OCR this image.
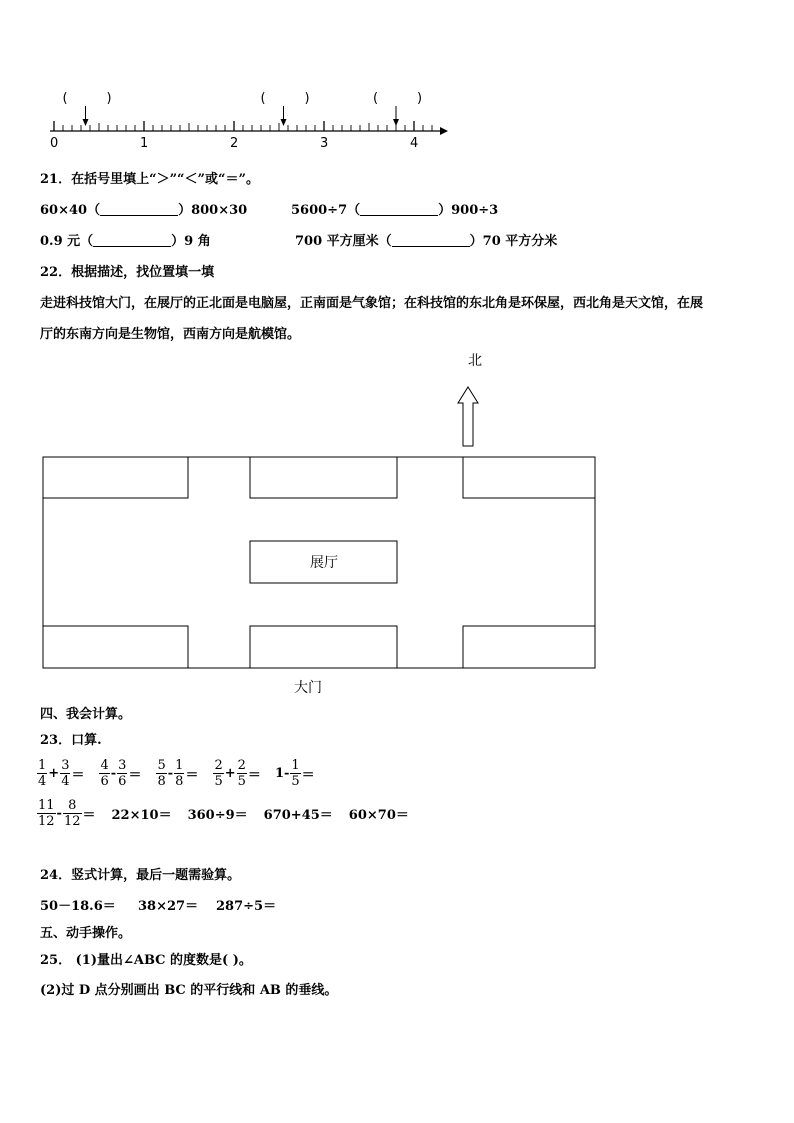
0	1	2	3	4
(	)	(	)	(	)
21．在括号里填上“＞”“＜”或“＝”。
60×40（	）800×30	5600÷7（	）900÷3
0.9 元（	）9 角	700 平方厘米（	）70 平方分米
22．根据描述，找位置填一填
走进科技馆大门，在展厅的正北面是电脑屋，正南面是气象馆；在科技馆的东北角是环保屋，西北角是天文馆，在展
厅的东南方向是生物馆，西南方向是航模馆。
北
展厅
大门
四、我会计算。
23．口算.
$\frac{1}{4} + \frac{3}{4} = \frac{4}{6} - \frac{3}{6} = \frac{5}{8} - \frac{1}{8} = \frac{2}{5} + \frac{2}{5} = 1- \frac{1}{5}$ ＝
$\frac{11}{12} - \frac{8}{12} = 22\times 10= 360\div 9= 670+45= 60\times 70=$
24．竖式计算，最后一题需验算。
50－18.6＝ 38×27＝ 287÷5＝
五、动手操作。
25． (1)量出∠ABC 的度数是( )。
(2)过 D 点分别画出 BC 的平行线和 AB 的垂线。
